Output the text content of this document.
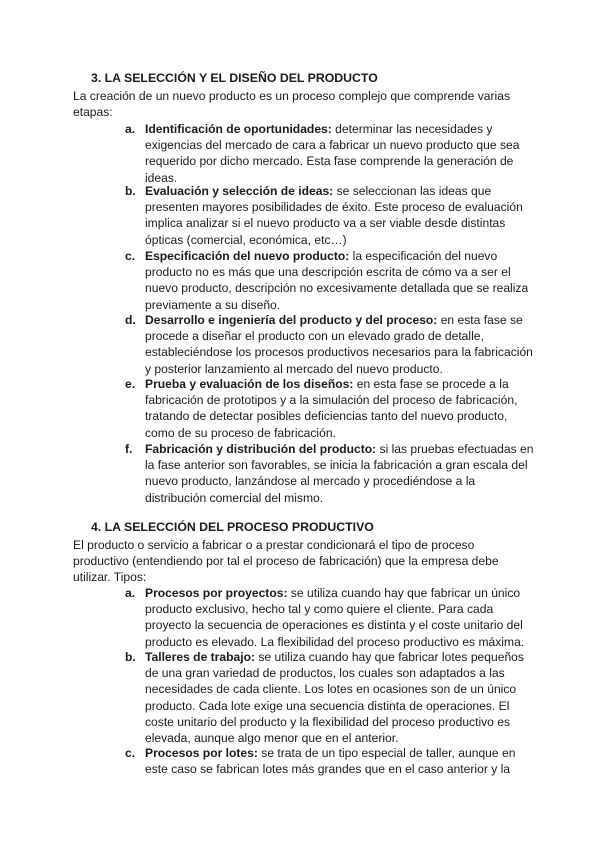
3. LA SELECCIÓN Y EL DISEÑO DEL PRODUCTO
La creación de un nuevo producto es un proceso complejo que comprende varias etapas:
a. Identificación de oportunidades: determinar las necesidades y exigencias del mercado de cara a fabricar un nuevo producto que sea requerido por dicho mercado. Esta fase comprende la generación de ideas.
b. Evaluación y selección de ideas: se seleccionan las ideas que presenten mayores posibilidades de éxito. Este proceso de evaluación implica analizar si el nuevo producto va a ser viable desde distintas ópticas (comercial, económica, etc…)
c. Especificación del nuevo producto: la especificación del nuevo producto no es más que una descripción escrita de cómo va a ser el nuevo producto, descripción no excesivamente detallada que se realiza previamente a su diseño.
d. Desarrollo e ingeniería del producto y del proceso: en esta fase se procede a diseñar el producto con un elevado grado de detalle, estableciéndose los procesos productivos necesarios para la fabricación y posterior lanzamiento al mercado del nuevo producto.
e. Prueba y evaluación de los diseños: en esta fase se procede a la fabricación de prototipos y a la simulación del proceso de fabricación, tratando de detectar posibles deficiencias tanto del nuevo producto, como de su proceso de fabricación.
f. Fabricación y distribución del producto: si las pruebas efectuadas en la fase anterior son favorables, se inicia la fabricación a gran escala del nuevo producto, lanzándose al mercado y procediéndose a la distribución comercial del mismo.
4. LA SELECCIÓN DEL PROCESO PRODUCTIVO
El producto o servicio a fabricar o a prestar condicionará el tipo de proceso productivo (entendiendo por tal el proceso de fabricación) que la empresa debe utilizar. Tipos:
a. Procesos por proyectos: se utiliza cuando hay que fabricar un único producto exclusivo, hecho tal y como quiere el cliente. Para cada proyecto la secuencia de operaciones es distinta y el coste unitario del producto es elevado. La flexibilidad del proceso productivo es máxima.
b. Talleres de trabajo: se utiliza cuando hay que fabricar lotes pequeños de una gran variedad de productos, los cuales son adaptados a las necesidades de cada cliente. Los lotes en ocasiones son de un único producto. Cada lote exige una secuencia distinta de operaciones. El coste unitario del producto y la flexibilidad del proceso productivo es elevada, aunque algo menor que en el anterior.
c. Procesos por lotes: se trata de un tipo especial de taller, aunque en este caso se fabrican lotes más grandes que en el caso anterior y la
